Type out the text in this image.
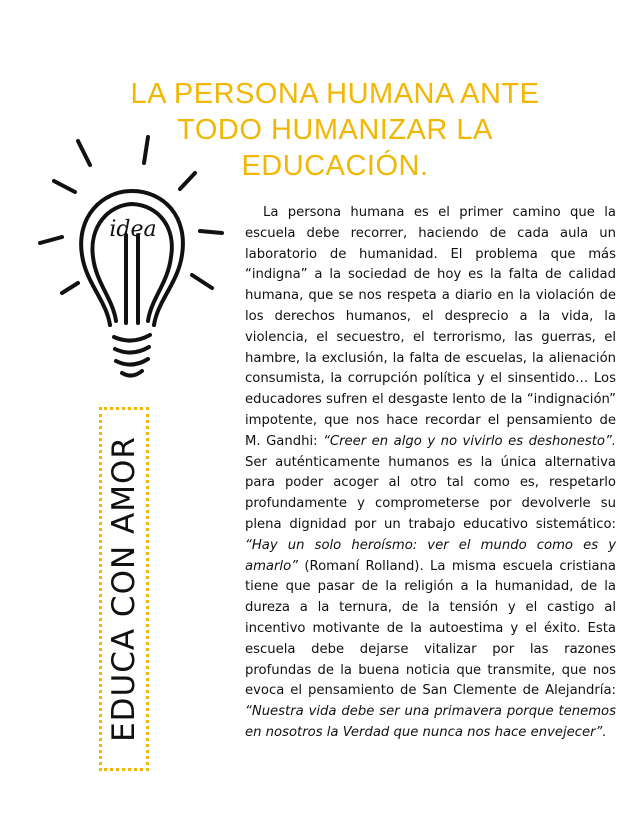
LA PERSONA HUMANA ANTE
TODO HUMANIZAR LA
EDUCACIÓN.
idea
EDUCA CON AMOR

La persona humana es el primer camino que la escuela debe recorrer, haciendo de cada aula un laboratorio de humanidad. El problema que más “indigna” a la sociedad de hoy es la falta de calidad humana, que se nos respeta a diario en la violación de los derechos humanos, el desprecio a la vida, la violencia, el secuestro, el terrorismo, las guerras, el hambre, la exclusión, la falta de escuelas, la alienación consumista, la corrupción política y el sinsentido… Los educadores sufren el desgaste lento de la “indignación” impotente, que nos hace recordar el pensamiento de M. Gandhi: “Creer en algo y no vivirlo es deshonesto”. Ser auténticamente humanos es la única alternativa para poder acoger al otro tal como es, respetarlo profundamente y comprometerse por devolverle su plena dignidad por un trabajo educativo sistemático: “Hay un solo heroísmo: ver el mundo como es y amarlo” (Romaní Rolland). La misma escuela cristiana tiene que pasar de la religión a la humanidad, de la dureza a la ternura, de la tensión y el castigo al incentivo motivante de la autoestima y el éxito. Esta escuela debe dejarse vitalizar por las razones profundas de la buena noticia que transmite, que nos evoca el pensamiento de San Clemente de Alejandría: “Nuestra vida debe ser una primavera porque tenemos en nosotros la Verdad que nunca nos hace envejecer”.
